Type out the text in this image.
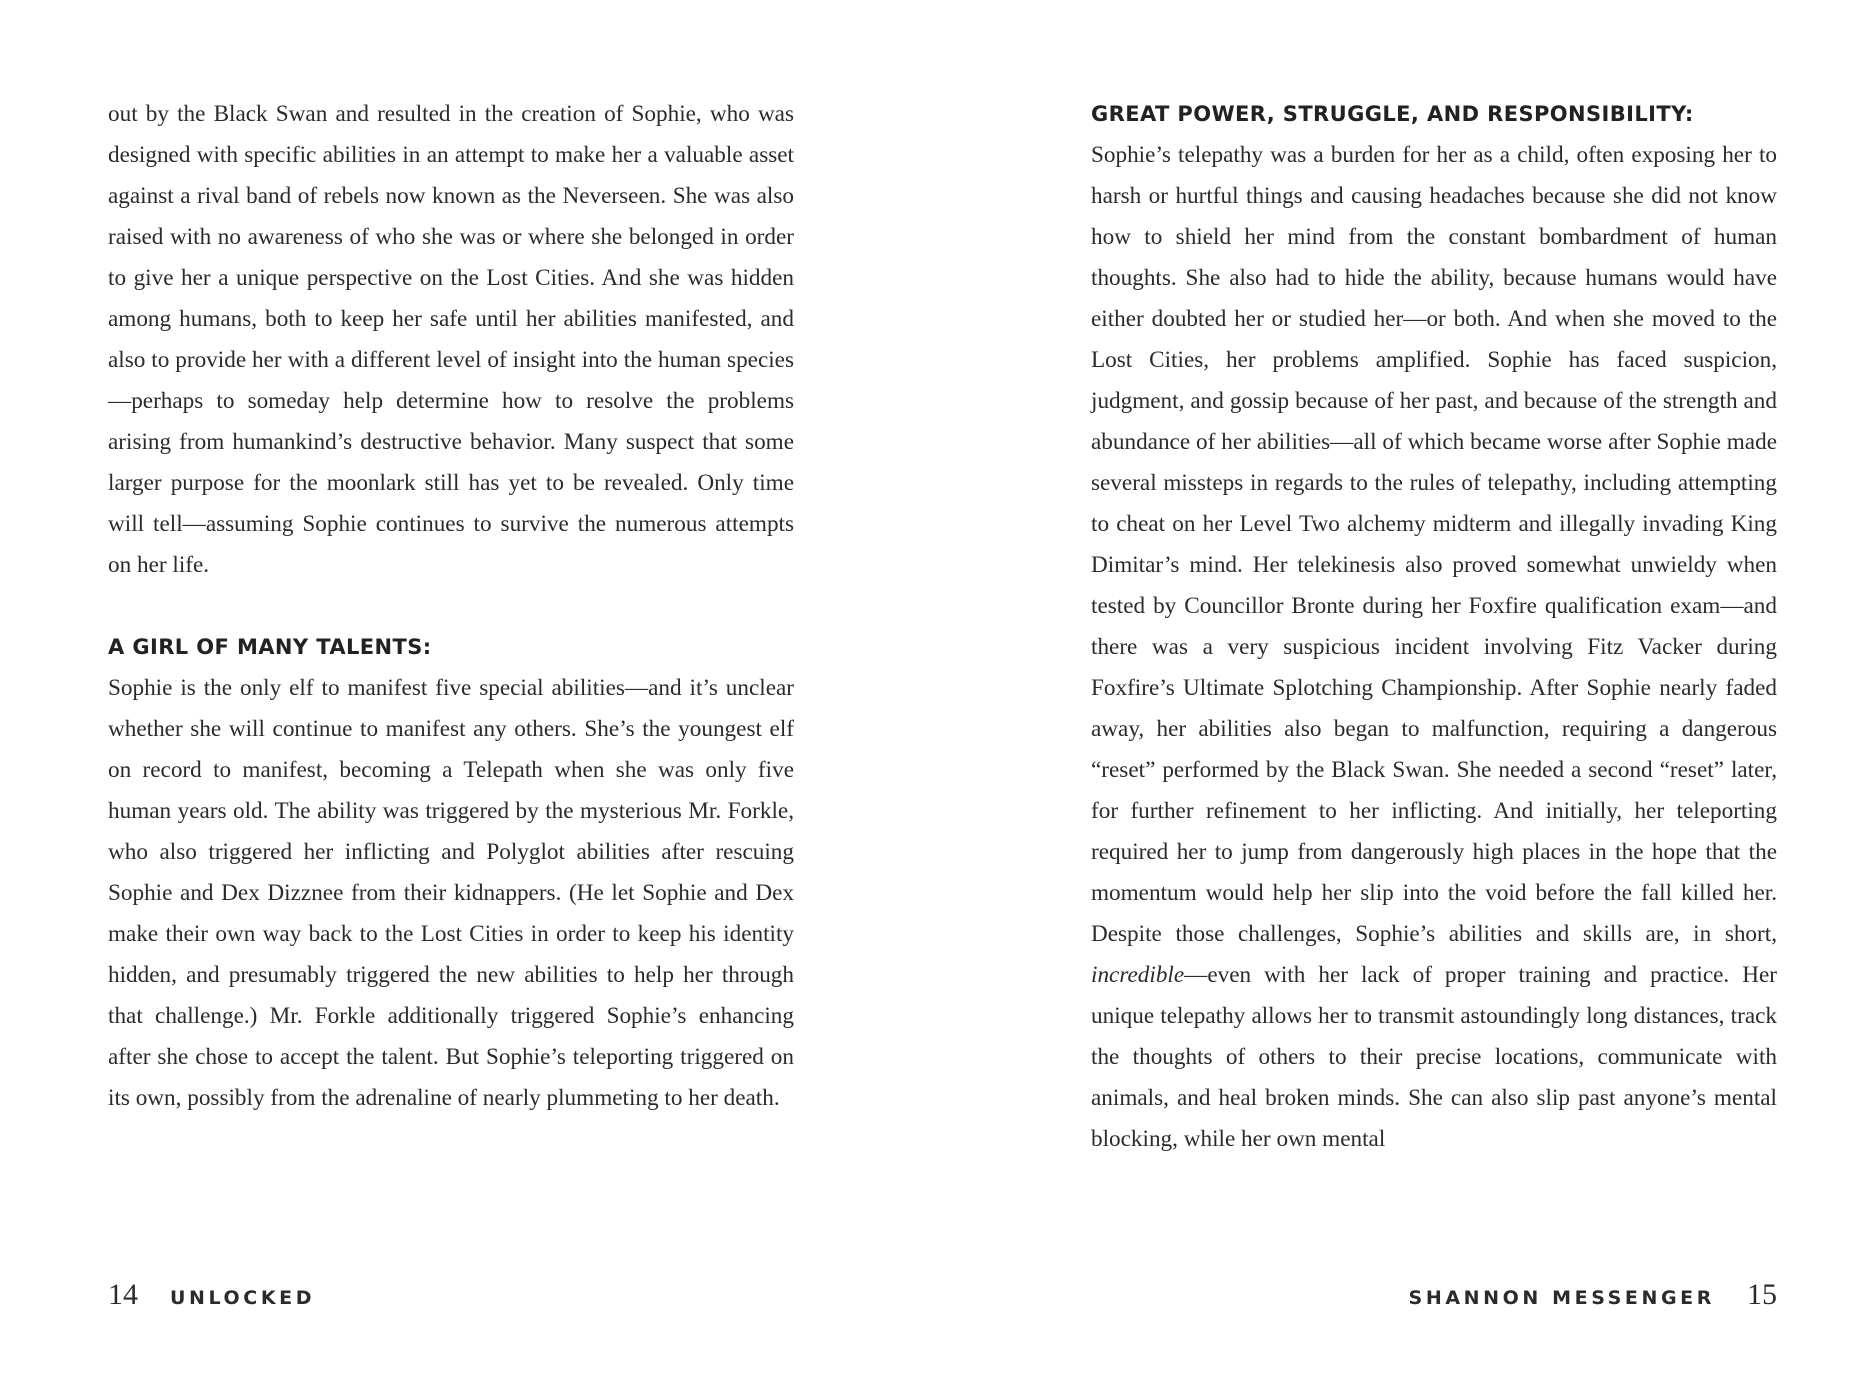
out by the Black Swan and resulted in the creation of Sophie, who was designed with specific abilities in an attempt to make her a valuable asset against a rival band of rebels now known as the Neverseen. She was also raised with no awareness of who she was or where she belonged in order to give her a unique perspective on the Lost Cities. And she was hidden among humans, both to keep her safe until her abilities manifested, and also to provide her with a different level of insight into the human species—perhaps to someday help determine how to resolve the problems arising from humankind’s destructive behavior. Many suspect that some larger purpose for the moonlark still has yet to be revealed. Only time will tell—assuming Sophie continues to survive the numerous attempts on her life.

A GIRL OF MANY TALENTS:

Sophie is the only elf to manifest five special abilities—and it’s unclear whether she will continue to manifest any others. She’s the youngest elf on record to manifest, becoming a Telepath when she was only five human years old. The ability was triggered by the mysterious Mr. Forkle, who also triggered her inflicting and Polyglot abilities after rescuing Sophie and Dex Dizznee from their kidnappers. (He let Sophie and Dex make their own way back to the Lost Cities in order to keep his identity hidden, and presumably triggered the new abilities to help her through that challenge.) Mr. Forkle additionally triggered Sophie’s enhancing after she chose to accept the talent. But Sophie’s teleporting triggered on its own, possibly from the adrenaline of nearly plummeting to her death.

14 UNLOCKED
GREAT POWER, STRUGGLE, AND RESPONSIBILITY:

Sophie’s telepathy was a burden for her as a child, often exposing her to harsh or hurtful things and causing headaches because she did not know how to shield her mind from the constant bombardment of human thoughts. She also had to hide the ability, because humans would have either doubted her or studied her—or both. And when she moved to the Lost Cities, her problems amplified. Sophie has faced suspicion, judgment, and gossip because of her past, and because of the strength and abundance of her abilities—all of which became worse after Sophie made several missteps in regards to the rules of telepathy, including attempting to cheat on her Level Two alchemy midterm and illegally invading King Dimitar’s mind. Her telekinesis also proved somewhat unwieldy when tested by Councillor Bronte during her Foxfire qualification exam—and there was a very suspicious incident involving Fitz Vacker during Foxfire’s Ultimate Splotching Championship. After Sophie nearly faded away, her abilities also began to malfunction, requiring a dangerous “reset” performed by the Black Swan. She needed a second “reset” later, for further refinement to her inflicting. And initially, her teleporting required her to jump from dangerously high places in the hope that the momentum would help her slip into the void before the fall killed her. Despite those challenges, Sophie’s abilities and skills are, in short, incredible—even with her lack of proper training and practice. Her unique telepathy allows her to transmit astoundingly long distances, track the thoughts of others to their precise locations, communicate with animals, and heal broken minds. She can also slip past anyone’s mental blocking, while her own mental

SHANNON MESSENGER 15
